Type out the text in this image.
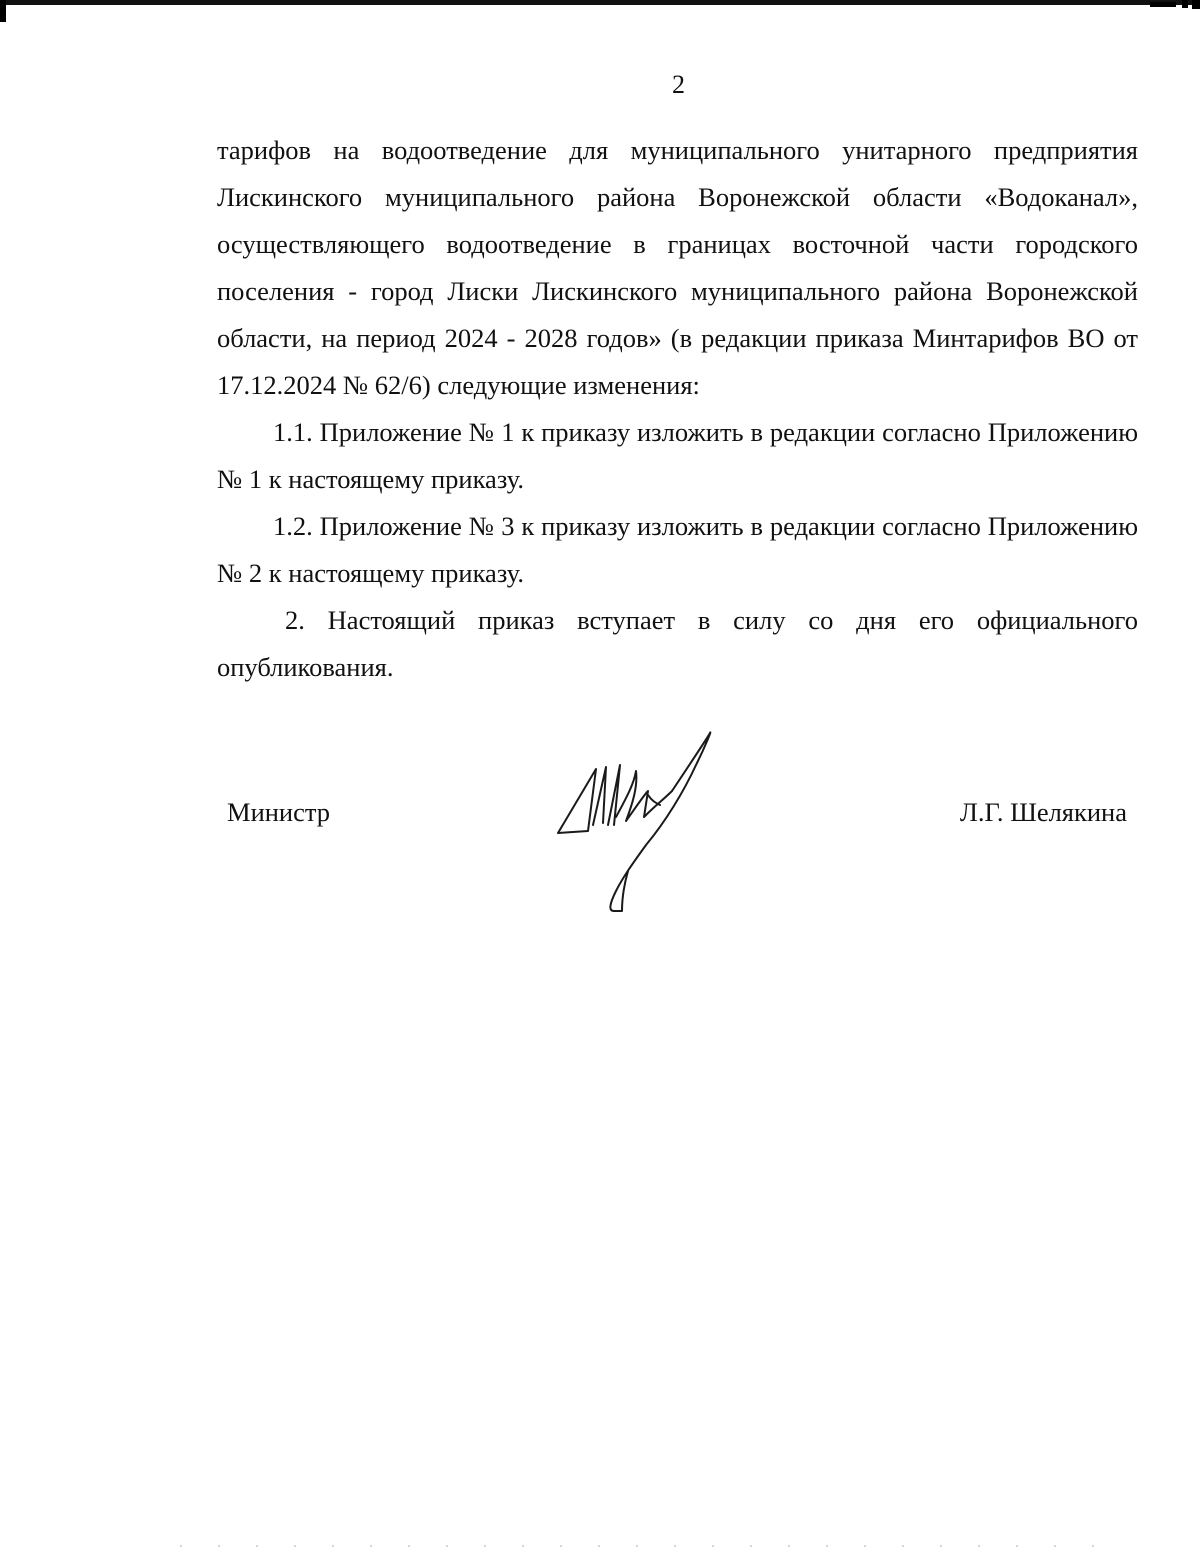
2

тарифов на водоотведение для муниципального унитарного предприятия Лискинского муниципального района Воронежской области «Водоканал», осуществляющего водоотведение в границах восточной части городского поселения - город Лиски Лискинского муниципального района Воронежской области, на период 2024 - 2028 годов» (в редакции приказа Минтарифов ВО от 17.12.2024 № 62/6) следующие изменения:

1.1. Приложение № 1 к приказу изложить в редакции согласно Приложению № 1 к настоящему приказу.

1.2. Приложение № 3 к приказу изложить в редакции согласно Приложению № 2 к настоящему приказу.

2. Настоящий приказ вступает в силу со дня его официального опубликования.

Министр	Л.Г. Шелякина
